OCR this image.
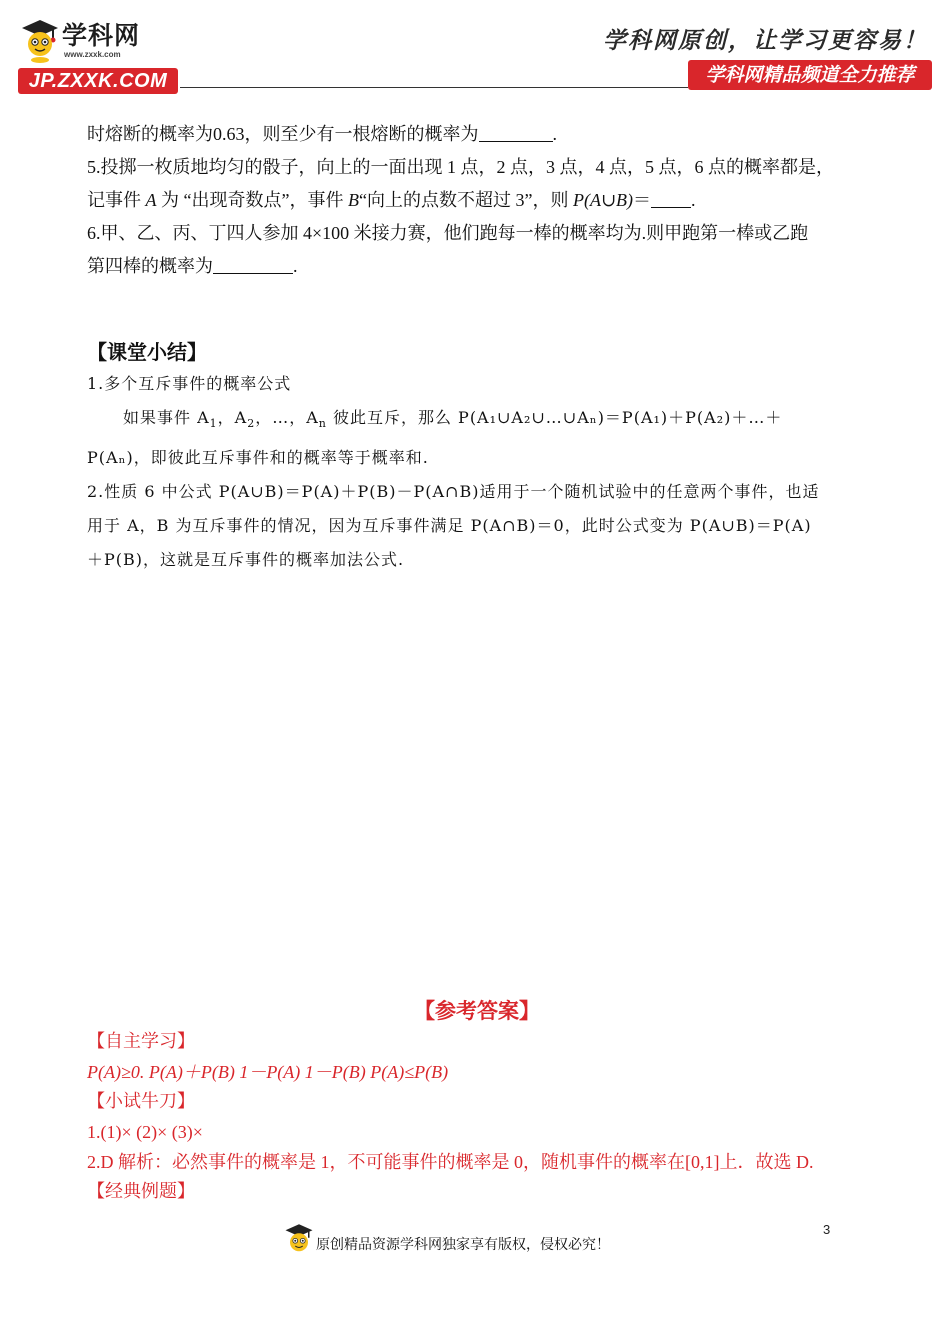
学科网
www.zxxk.com
JP.ZXXK.COM
学科网原创，让学习更容易！
学科网精品频道全力推荐

时熔断的概率为0.63，则至少有一根熔断的概率为	.

5.投掷一枚质地均匀的骰子，向上的一面出现 1 点，2 点，3 点，4 点，5 点，6 点的概率都是，

记事件 A 为 “出现奇数点”，事件 B“向上的点数不超过 3”，则 P(A∪B)＝ .

6.甲、乙、丙、丁四人参加 4×100 米接力赛，他们跑每一棒的概率均为.则甲跑第一棒或乙跑

第四棒的概率为	.

【课堂小结】

1.多个互斥事件的概率公式

如果事件 $A_1$，$A_2$，…，$A_n$ 彼此互斥，那么 P(A₁∪A₂∪…∪Aₙ)＝P(A₁)＋P(A₂)＋…＋

P(Aₙ)，即彼此互斥事件和的概率等于概率和.

2.性质 6 中公式 P(A∪B)＝P(A)＋P(B)－P(A∩B)适用于一个随机试验中的任意两个事件，也适

用于 A，B 为互斥事件的情况，因为互斥事件满足 P(A∩B)＝0，此时公式变为 P(A∪B)＝P(A)

＋P(B)，这就是互斥事件的概率加法公式.

【参考答案】

【自主学习】

P(A)≥0. P(A)＋P(B) 1－P(A) 1－P(B) P(A)≤P(B)

【小试牛刀】

1.(1)× (2)× (3)×

2.D 解析：必然事件的概率是 1，不可能事件的概率是 0，随机事件的概率在[0,1]上．故选 D.

【经典例题】

3
原创精品资源学科网独家享有版权，侵权必究！
